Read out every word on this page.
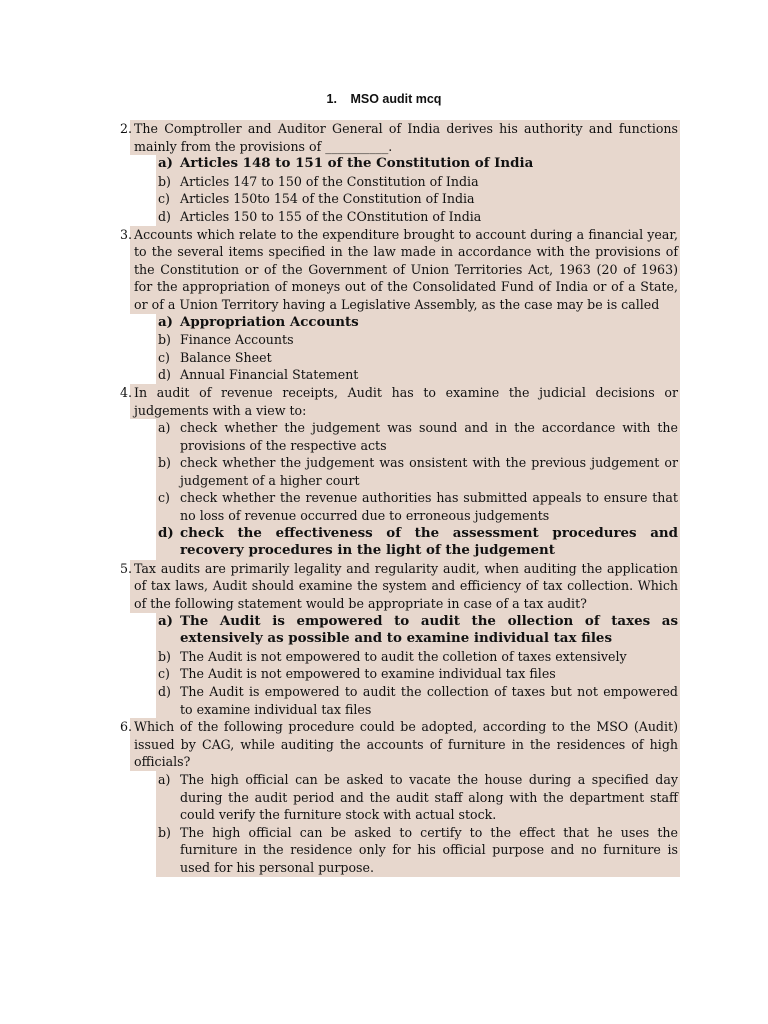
1. MSO audit mcq
2. The Comptroller and Auditor General of India derives his authority and functions mainly from the provisions of __________.
a) Articles 148 to 151 of the Constitution of India
b) Articles 147 to 150 of the Constitution of India
c) Articles 150to 154 of the Constitution of India
d) Articles 150 to 155 of the COnstitution of India
3. Accounts which relate to the expenditure brought to account during a financial year, to the several items specified in the law made in accordance with the provisions of the Constitution or of the Government of Union Territories Act, 1963 (20 of 1963) for the appropriation of moneys out of the Consolidated Fund of India or of a State, or of a Union Territory having a Legislative Assembly, as the case may be is called
a) Appropriation Accounts
b) Finance Accounts
c) Balance Sheet
d) Annual Financial Statement
4. In audit of revenue receipts, Audit has to examine the judicial decisions or judgements with a view to:
a) check whether the judgement was sound and in the accordance with the provisions of the respective acts
b) check whether the judgement was onsistent with the previous judgement or judgement of a higher court
c) check whether the revenue authorities has submitted appeals to ensure that no loss of revenue occurred due to erroneous judgements
d) check the effectiveness of the assessment procedures and recovery procedures in the light of the judgement
5. Tax audits are primarily legality and regularity audit, when auditing the application of tax laws, Audit should examine the system and efficiency of tax collection. Which of the following statement would be appropriate in case of a tax audit?
a) The Audit is empowered to audit the ollection of taxes as extensively as possible and to examine individual tax files
b) The Audit is not empowered to audit the colletion of taxes extensively
c) The Audit is not empowered to examine individual tax files
d) The Audit is empowered to audit the collection of taxes but not empowered to examine individual tax files
6. Which of the following procedure could be adopted, according to the MSO (Audit) issued by CAG, while auditing the accounts of furniture in the residences of high officials?
a) The high official can be asked to vacate the house during a specified day during the audit period and the audit staff along with the department staff could verify the furniture stock with actual stock.
b) The high official can be asked to certify to the effect that he uses the furniture in the residence only for his official purpose and no furniture is used for his personal purpose.
